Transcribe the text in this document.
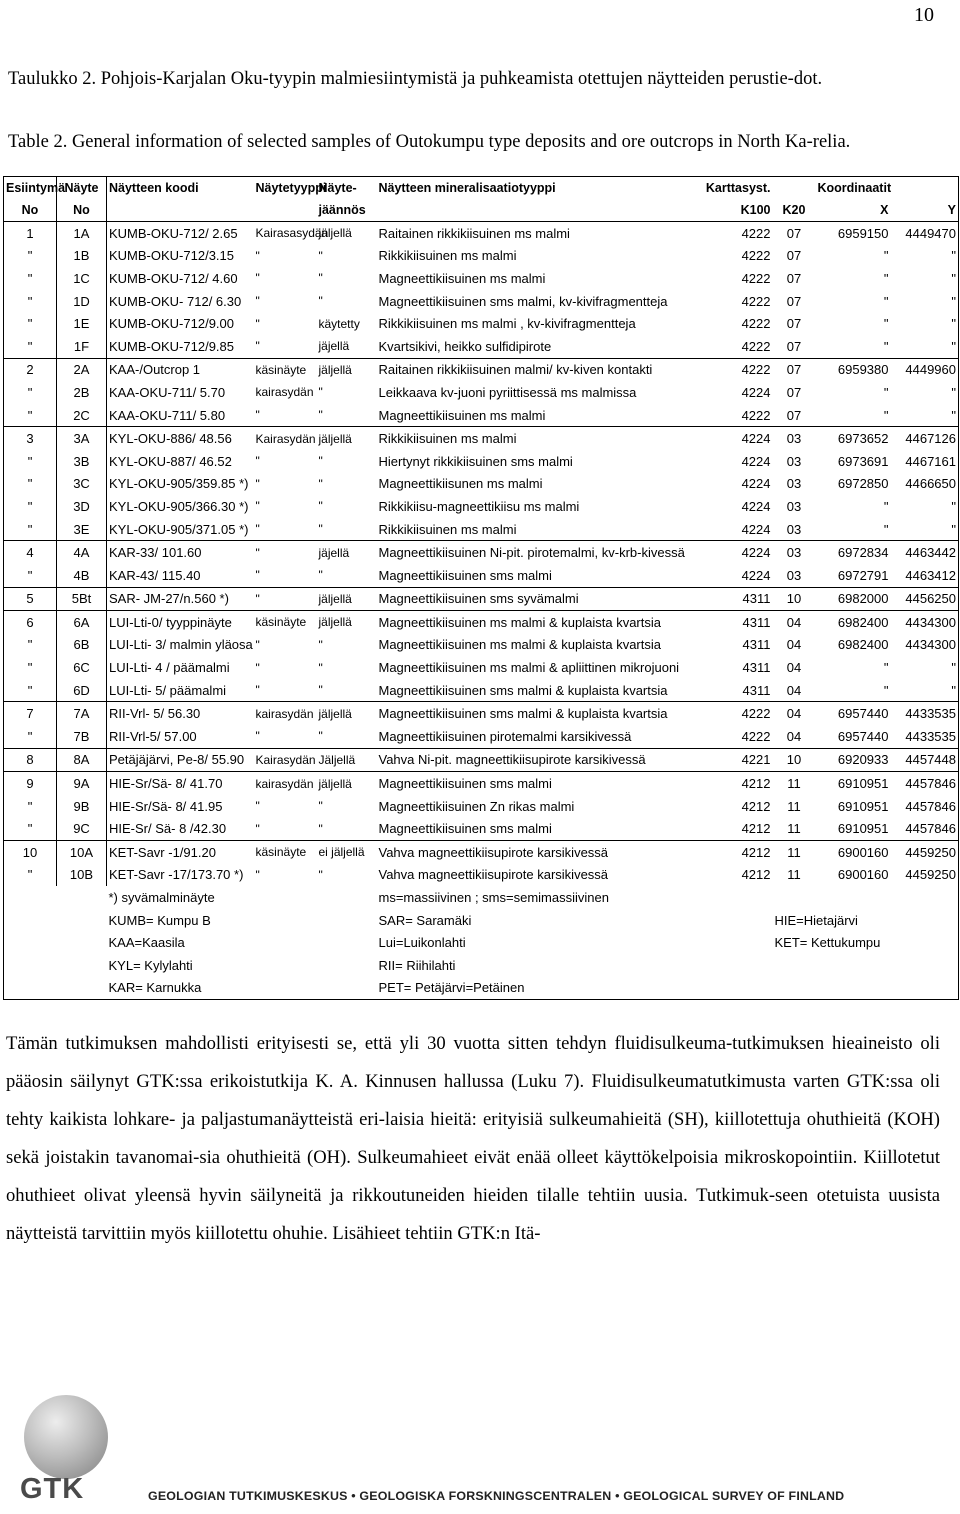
10
Taulukko 2. Pohjois-Karjalan Oku-tyypin malmiesiintymistä ja puhkeamista otettujen näytteiden perustie-dot.
Table 2. General information of selected samples of Outokumpu type deposits and ore outcrops in North Ka-relia.
Esiintymä	Näyte	Näytteen koodi	Näytetyyppi	Näyte-	Näytteen mineralisaatiotyyppi	Karttasyst.		Koordinaatit	
No	No			jäännös		K100	K20	X	Y
1	1A	KUMB-OKU-712/ 2.65	Kairasasydän	jäljellä	Raitainen rikkikiisuinen ms malmi	4222	07	6959150	4449470
"	1B	KUMB-OKU-712/3.15	"	"	Rikkikiisuinen ms malmi	4222	07	"	"
"	1C	KUMB-OKU-712/ 4.60	"	"	Magneettikiisuinen ms malmi	4222	07	"	"
"	1D	KUMB-OKU- 712/ 6.30	"	"	Magneettikiisuinen sms malmi, kv-kivifragmentteja	4222	07	"	"
"	1E	KUMB-OKU-712/9.00	"	käytetty	Rikkikiisuinen ms malmi , kv-kivifragmentteja	4222	07	"	"
"	1F	KUMB-OKU-712/9.85	"	jäjellä	Kvartsikivi, heikko sulfidipirote	4222	07	"	"
2	2A	KAA-/Outcrop 1	käsinäyte	jäljellä	Raitainen rikkikiisuinen malmi/ kv-kiven kontakti	4222	07	6959380	4449960
"	2B	KAA-OKU-711/ 5.70	kairasydän	"	Leikkaava kv-juoni pyriittisessä ms malmissa	4224	07	"	"
"	2C	KAA-OKU-711/ 5.80	"	"	Magneettikiisuinen ms malmi	4222	07	"	"
3	3A	KYL-OKU-886/ 48.56	Kairasydän	jäljellä	Rikkikiisuinen ms malmi	4224	03	6973652	4467126
"	3B	KYL-OKU-887/ 46.52	"	"	Hiertynyt rikkikiisuinen sms malmi	4224	03	6973691	4467161
"	3C	KYL-OKU-905/359.85 *)	"	"	Magneettikiisunen ms malmi	4224	03	6972850	4466650
"	3D	KYL-OKU-905/366.30 *)	"	"	Rikkikiisu-magneettikiisu ms malmi	4224	03	"	"
"	3E	KYL-OKU-905/371.05 *)	"	"	Rikkikiisuinen ms malmi	4224	03	"	"
4	4A	KAR-33/ 101.60	"	jäjellä	Magneettikiisuinen Ni-pit. pirotemalmi, kv-krb-kivessä	4224	03	6972834	4463442
"	4B	KAR-43/ 115.40	"	"	Magneettikiisuinen sms malmi	4224	03	6972791	4463412
5	5Bt	SAR- JM-27/n.560 *)	"	jäljellä	Magneettikiisuinen sms syvämalmi	4311	10	6982000	4456250
6	6A	LUI-Lti-0/ tyyppinäyte	käsinäyte	jäljellä	Magneettikiisuinen ms malmi & kuplaista kvartsia	4311	04	6982400	4434300
"	6B	LUI-Lti- 3/ malmin yläosa	"	"	Magneettikiisuinen ms malmi & kuplaista kvartsia	4311	04	6982400	4434300
"	6C	LUI-Lti- 4 / päämalmi	"	"	Magneettikiisuinen ms malmi & apliittinen mikrojuoni	4311	04	"	"
"	6D	LUI-Lti- 5/ päämalmi	"	"	Magneettikiisuinen sms malmi & kuplaista kvartsia	4311	04	"	"
7	7A	RII-Vrl- 5/ 56.30	kairasydän	jäljellä	Magneettikiisuinen sms malmi & kuplaista kvartsia	4222	04	6957440	4433535
"	7B	RII-Vrl-5/ 57.00	"	"	Magneettikiisuinen pirotemalmi karsikivessä	4222	04	6957440	4433535
8	8A	Petäjäjärvi, Pe-8/ 55.90	Kairasydän	Jäljellä	Vahva Ni-pit. magneettikiisupirote karsikivessä	4221	10	6920933	4457448
9	9A	HIE-Sr/Sä- 8/ 41.70	kairasydän	jäljellä	Magneettikiisuinen sms malmi	4212	11	6910951	4457846
"	9B	HIE-Sr/Sä- 8/ 41.95	"	"	Magneettikiisuinen Zn rikas malmi	4212	11	6910951	4457846
"	9C	HIE-Sr/ Sä- 8 /42.30	"	"	Magneettikiisuinen sms malmi	4212	11	6910951	4457846
10	10A	KET-Savr -1/91.20	käsinäyte	ei jäljellä	Vahva magneettikiisupirote karsikivessä	4212	11	6900160	4459250
"	10B	KET-Savr -17/173.70 *)	"	"	Vahva magneettikiisupirote karsikivessä	4212	11	6900160	4459250
		*) syvämalminäyte			ms=massiivinen ; sms=semimassiivinen				
		KUMB= Kumpu B			SAR= Saramäki		HIE=Hietajärvi		
		KAA=Kaasila			Lui=Luikonlahti		KET= Kettukumpu		
		KYL= Kylylahti			RII= Riihilahti				
		KAR= Karnukka			PET= Petäjärvi=Petäinen				
Tämän tutkimuksen mahdollisti erityisesti se, että yli 30 vuotta sitten tehdyn fluidisulkeuma-tutkimuksen hieaineisto oli pääosin säilynyt GTK:ssa erikoistutkija K. A. Kinnusen hallussa (Luku 7). Fluidisulkeumatutkimusta varten GTK:ssa oli tehty kaikista lohkare- ja paljastumanäytteistä eri-laisia hieitä: erityisiä sulkeumahieitä (SH), kiillotettuja ohuthieitä (KOH) sekä joistakin tavanomai-sia ohuthieitä (OH). Sulkeumahieet eivät enää olleet käyttökelpoisia mikroskopointiin. Kiillotetut ohuthieet olivat yleensä hyvin säilyneitä ja rikkoutuneiden hieiden tilalle tehtiin uusia. Tutkimuk-seen otetuista uusista näytteistä tarvittiin myös kiillotettu ohuhie. Lisähieet tehtiin GTK:n Itä-
GTK	GEOLOGIAN TUTKIMUSKESKUS • GEOLOGISKA FORSKNINGSCENTRALEN • GEOLOGICAL SURVEY OF FINLAND
